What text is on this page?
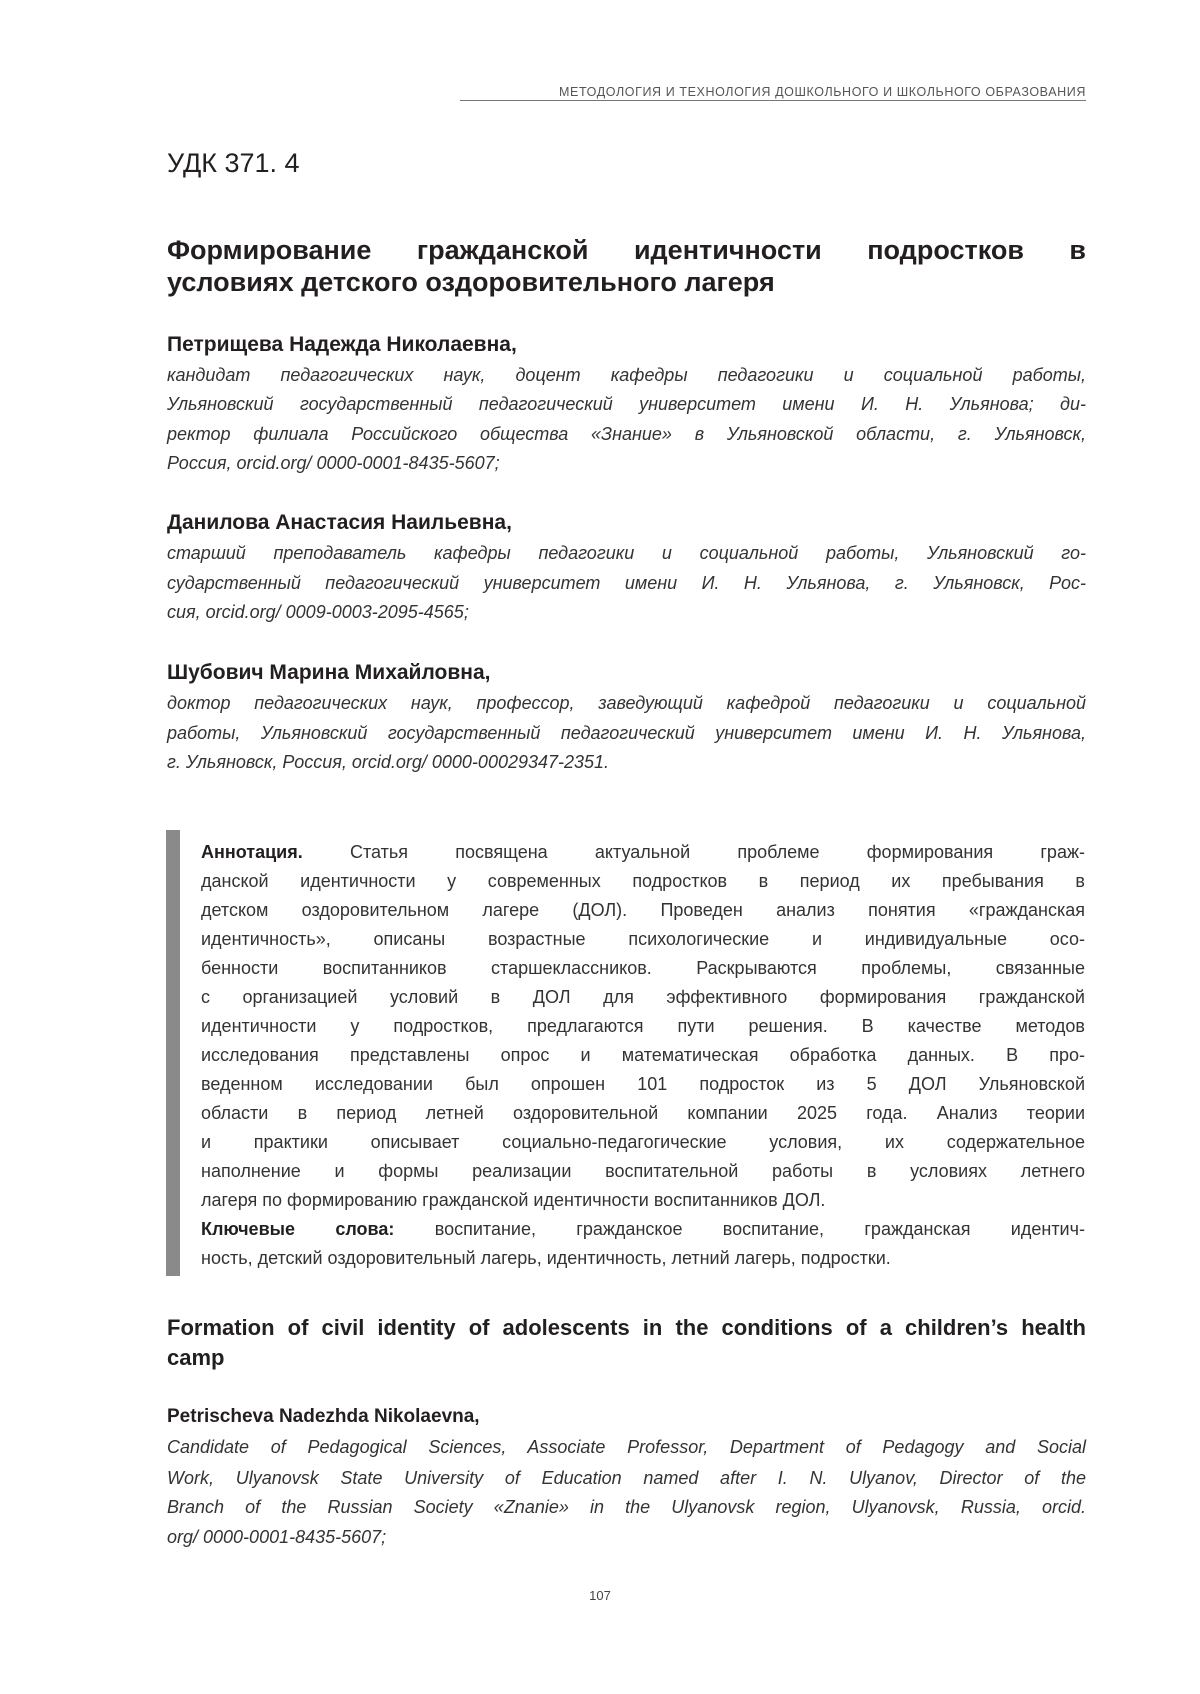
МЕТОДОЛОГИЯ И ТЕХНОЛОГИЯ ДОШКОЛЬНОГО И ШКОЛЬНОГО ОБРАЗОВАНИЯ
УДК 371. 4
Формирование гражданской идентичности подростков в
условиях детского оздоровительного лагеря
Петрищева Надежда Николаевна,
кандидат педагогических наук, доцент кафедры педагогики и социальной работы,
Ульяновский государственный педагогический университет имени И. Н. Ульянова; ди-
ректор филиала Российского общества «Знание» в Ульяновской области, г. Ульяновск,
Россия, orcid.org/ 0000-0001-8435-5607;
Данилова Анастасия Наильевна,
старший преподаватель кафедры педагогики и социальной работы, Ульяновский го-
сударственный педагогический университет имени И. Н. Ульянова, г. Ульяновск, Рос-
сия, orcid.org/ 0009-0003-2095-4565;
Шубович Марина Михайловна,
доктор педагогических наук, профессор, заведующий кафедрой педагогики и социальной
работы, Ульяновский государственный педагогический университет имени И. Н. Ульянова,
г. Ульяновск, Россия, orcid.org/ 0000-00029347-2351.
Аннотация.	Статья посвящена актуальной проблеме формирования граж-
данской идентичности у современных подростков в период их пребывания в
детском оздоровительном лагере (ДОЛ). Проведен анализ понятия «гражданская
идентичность», описаны возрастные психологические и индивидуальные осо-
бенности воспитанников старшеклассников. Раскрываются проблемы, связанные
с организацией условий в ДОЛ для эффективного формирования гражданской
идентичности у подростков, предлагаются пути решения. В качестве методов
исследования представлены опрос и математическая обработка данных. В про-
веденном исследовании был опрошен 101 подросток из 5 ДОЛ Ульяновской
области в период летней оздоровительной компании 2025 года. Анализ теории
и практики описывает социально-педагогические условия, их содержательное
наполнение и формы реализации воспитательной работы в условиях летнего
лагеря по формированию гражданской идентичности воспитанников ДОЛ.
Ключевые слова: воспитание, гражданское воспитание, гражданская идентич-
ность, детский оздоровительный лагерь, идентичность, летний лагерь, подростки.
Formation of civil identity of adolescents in the conditions of a children’s health
camp
Petrischeva Nadezhda Nikolaevna,
Candidate of Pedagogical Sciences, Associate Professor, Department of Pedagogy and Social
Work, Ulyanovsk State University of Education named after I. N. Ulyanov, Director of the
Branch of the Russian Society «Znanie» in the Ulyanovsk region, Ulyanovsk, Russia, orcid.
org/ 0000-0001-8435-5607;
107
